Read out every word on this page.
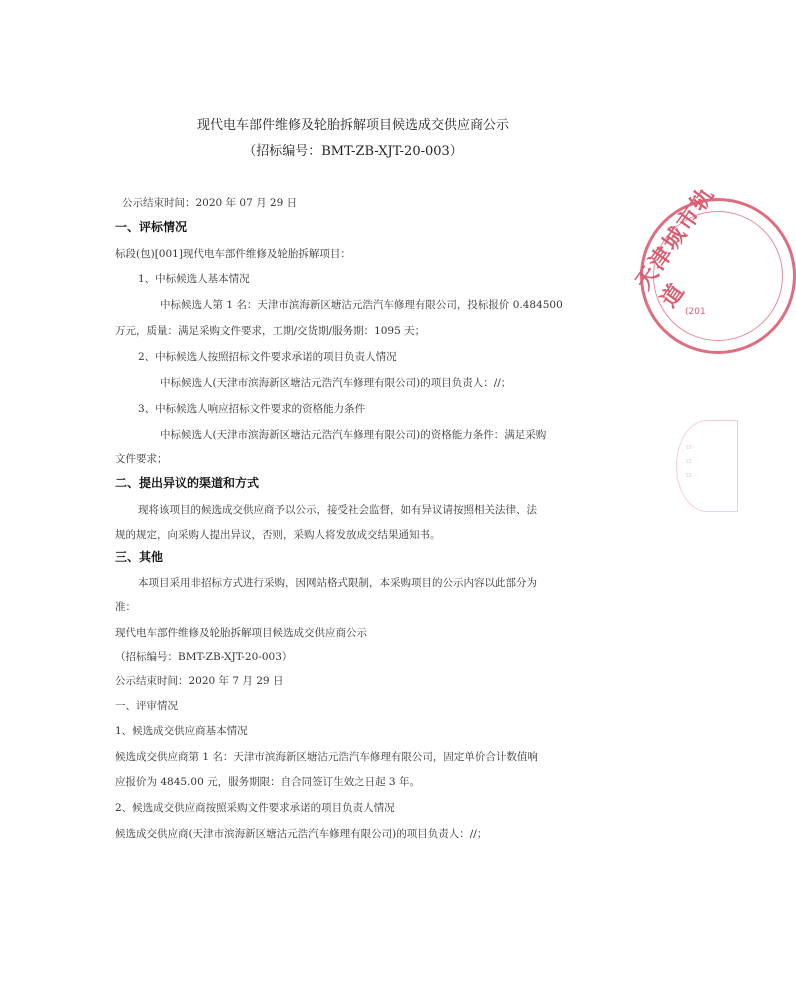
现代电车部件维修及轮胎拆解项目候选成交供应商公示
（招标编号：BMT-ZB-XJT-20-003）
公示结束时间：2020 年 07 月 29 日
一、评标情况
标段(包)[001]现代电车部件维修及轮胎拆解项目：
1、中标候选人基本情况
中标候选人第 1 名：天津市滨海新区塘沽元浩汽车修理有限公司，投标报价 0.484500
万元，质量：满足采购文件要求，工期/交货期/服务期：1095 天；
2、中标候选人按照招标文件要求承诺的项目负责人情况
中标候选人(天津市滨海新区塘沽元浩汽车修理有限公司)的项目负责人：//；
3、中标候选人响应招标文件要求的资格能力条件
中标候选人(天津市滨海新区塘沽元浩汽车修理有限公司)的资格能力条件：满足采购
文件要求；
二、提出异议的渠道和方式
现将该项目的候选成交供应商予以公示，接受社会监督，如有异议请按照相关法律、法
规的规定，向采购人提出异议，否则，采购人将发放成交结果通知书。
三、其他
本项目采用非招标方式进行采购，因网站格式限制，本采购项目的公示内容以此部分为
准：
现代电车部件维修及轮胎拆解项目候选成交供应商公示
（招标编号：BMT-ZB-XJT-20-003）
公示结束时间：2020 年 7 月 29 日
一、评审情况
1、候选成交供应商基本情况
候选成交供应商第 1 名：天津市滨海新区塘沽元浩汽车修理有限公司，固定单价合计数值响
应报价为 4845.00 元，服务期限：自合同签订生效之日起 3 年。
2、候选成交供应商按照采购文件要求承诺的项目负责人情况
候选成交供应商(天津市滨海新区塘沽元浩汽车修理有限公司)的项目负责人：//；
天津城市轨道
(201
ㅁ
ㅁ
ㅁ
